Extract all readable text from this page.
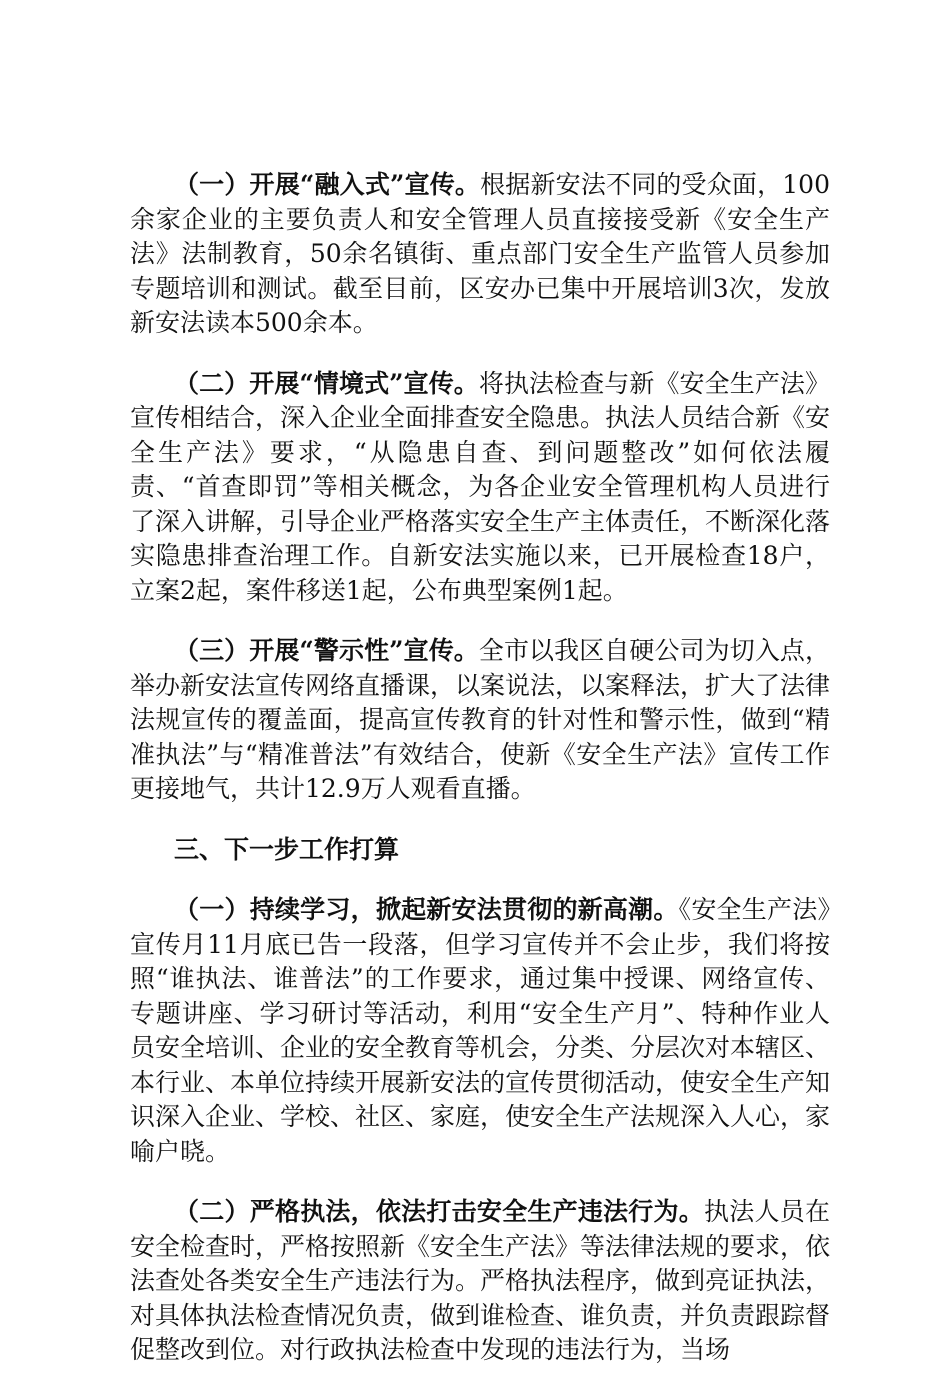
（一）开展“融入式”宣传。根据新安法不同的受众面，100余家企业的主要负责人和安全管理人员直接接受新《安全生产法》法制教育，50余名镇街、重点部门安全生产监管人员参加专题培训和测试。截至目前，区安办已集中开展培训3次，发放新安法读本500余本。

（二）开展“情境式”宣传。将执法检查与新《安全生产法》宣传相结合，深入企业全面排查安全隐患。执法人员结合新《安全生产法》要求，“从隐患自查、到问题整改”如何依法履责、“首查即罚”等相关概念，为各企业安全管理机构人员进行了深入讲解，引导企业严格落实安全生产主体责任，不断深化落实隐患排查治理工作。自新安法实施以来，已开展检查18户，立案2起，案件移送1起，公布典型案例1起。

（三）开展“警示性”宣传。全市以我区自硬公司为切入点，举办新安法宣传网络直播课，以案说法，以案释法，扩大了法律法规宣传的覆盖面，提高宣传教育的针对性和警示性，做到“精准执法”与“精准普法”有效结合，使新《安全生产法》宣传工作更接地气，共计12.9万人观看直播。

三、下一步工作打算

（一）持续学习，掀起新安法贯彻的新高潮。《安全生产法》宣传月11月底已告一段落，但学习宣传并不会止步，我们将按照“谁执法、谁普法”的工作要求，通过集中授课、网络宣传、专题讲座、学习研讨等活动，利用“安全生产月”、特种作业人员安全培训、企业的安全教育等机会，分类、分层次对本辖区、本行业、本单位持续开展新安法的宣传贯彻活动，使安全生产知识深入企业、学校、社区、家庭，使安全生产法规深入人心，家喻户晓。

（二）严格执法，依法打击安全生产违法行为。执法人员在安全检查时，严格按照新《安全生产法》等法律法规的要求，依法查处各类安全生产违法行为。严格执法程序，做到亮证执法，对具体执法检查情况负责，做到谁检查、谁负责，并负责跟踪督促整改到位。对行政执法检查中发现的违法行为，当场
